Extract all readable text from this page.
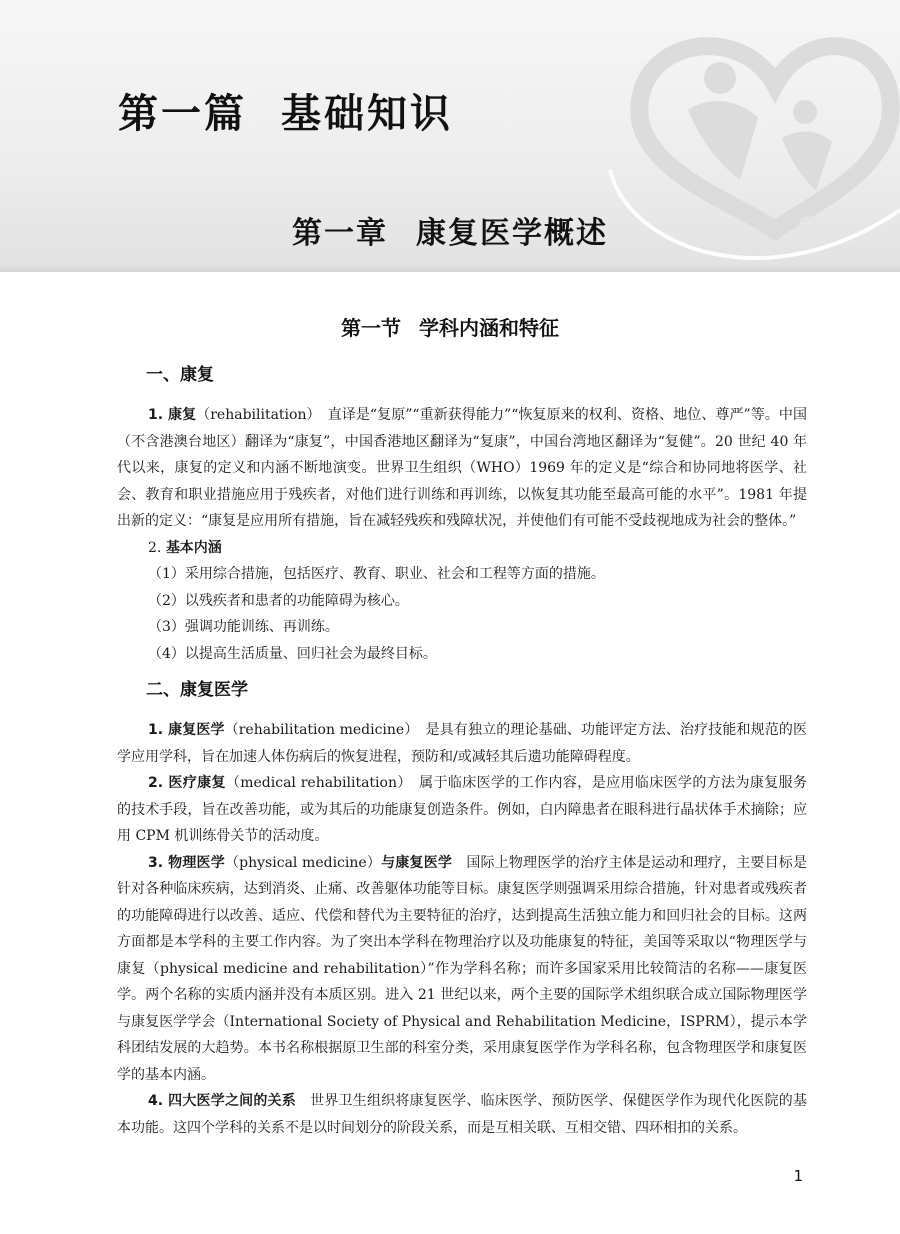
第一篇 基础知识
第一章 康复医学概述
第一节 学科内涵和特征
一、康复

1. 康复（rehabilitation）　直译是“复原”“重新获得能力”“恢复原来的权利、资格、地位、尊严”等。中国（不含港澳台地区）翻译为“康复”，中国香港地区翻译为“复康”，中国台湾地区翻译为“复健”。20 世纪 40 年代以来，康复的定义和内涵不断地演变。世界卫生组织（WHO）1969 年的定义是“综合和协同地将医学、社会、教育和职业措施应用于残疾者，对他们进行训练和再训练，以恢复其功能至最高可能的水平”。1981 年提出新的定义：“康复是应用所有措施，旨在减轻残疾和残障状况，并使他们有可能不受歧视地成为社会的整体。”

2. 基本内涵

（1）采用综合措施，包括医疗、教育、职业、社会和工程等方面的措施。

（2）以残疾者和患者的功能障碍为核心。

（3）强调功能训练、再训练。

（4）以提高生活质量、回归社会为最终目标。

二、康复医学

1. 康复医学（rehabilitation medicine）　是具有独立的理论基础、功能评定方法、治疗技能和规范的医学应用学科，旨在加速人体伤病后的恢复进程，预防和/或减轻其后遗功能障碍程度。

2. 医疗康复（medical rehabilitation）　属于临床医学的工作内容，是应用临床医学的方法为康复服务的技术手段，旨在改善功能，或为其后的功能康复创造条件。例如，白内障患者在眼科进行晶状体手术摘除；应用 CPM 机训练骨关节的活动度。

3. 物理医学（physical medicine）与康复医学　国际上物理医学的治疗主体是运动和理疗，主要目标是针对各种临床疾病，达到消炎、止痛、改善躯体功能等目标。康复医学则强调采用综合措施，针对患者或残疾者的功能障碍进行以改善、适应、代偿和替代为主要特征的治疗，达到提高生活独立能力和回归社会的目标。这两方面都是本学科的主要工作内容。为了突出本学科在物理治疗以及功能康复的特征，美国等采取以“物理医学与康复（physical medicine and rehabilitation）”作为学科名称；而许多国家采用比较简洁的名称——康复医学。两个名称的实质内涵并没有本质区别。进入 21 世纪以来，两个主要的国际学术组织联合成立国际物理医学与康复医学学会（International Society of Physical and Rehabilitation Medicine，ISPRM），提示本学科团结发展的大趋势。本书名称根据原卫生部的科室分类，采用康复医学作为学科名称，包含物理医学和康复医学的基本内涵。

4. 四大医学之间的关系　世界卫生组织将康复医学、临床医学、预防医学、保健医学作为现代化医院的基本功能。这四个学科的关系不是以时间划分的阶段关系，而是互相关联、互相交错、四环相扣的关系。

1
